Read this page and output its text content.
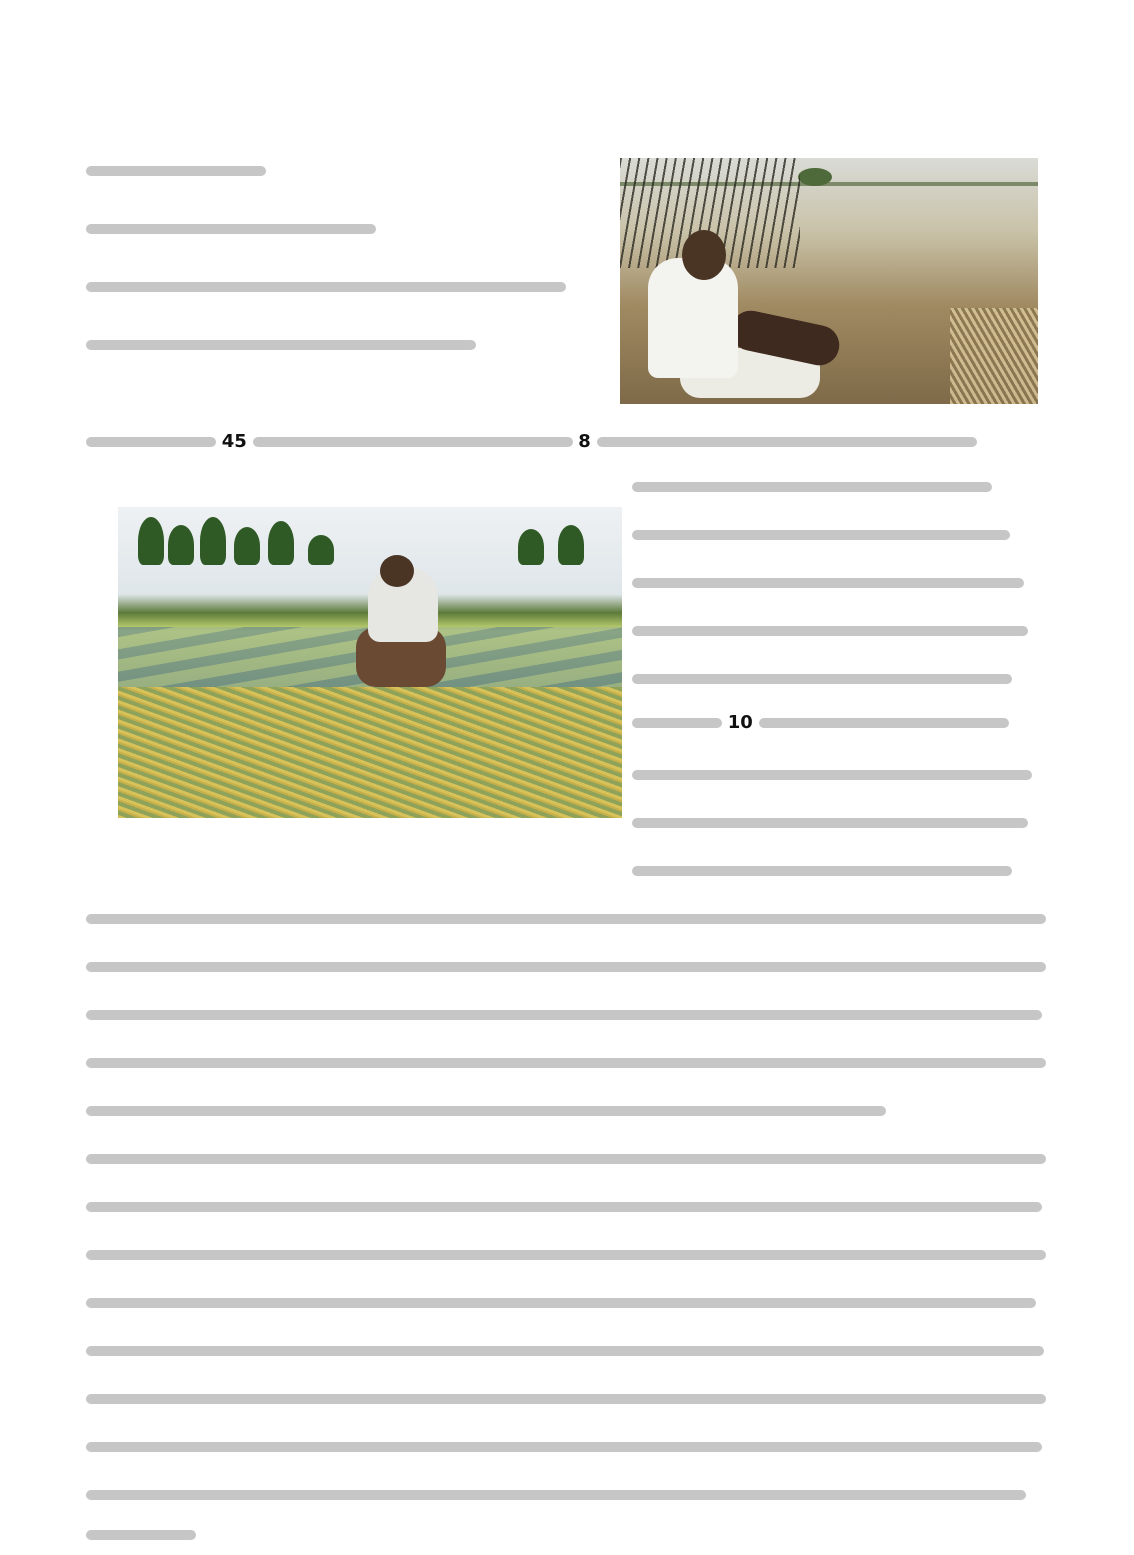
45	8
10
